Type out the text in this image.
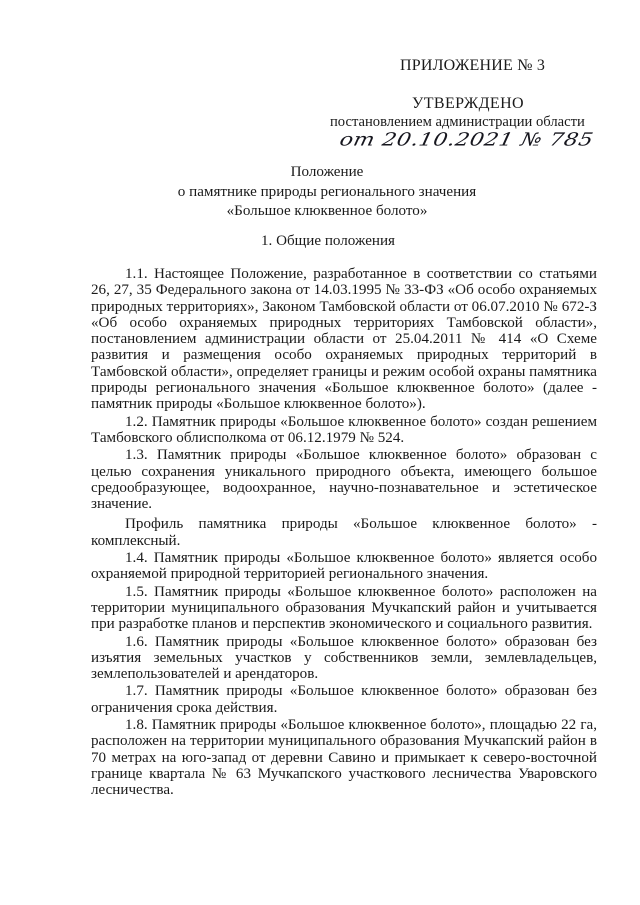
ПРИЛОЖЕНИЕ № 3
УТВЕРЖДЕНО
постановлением администрации области
от 20.10.2021 № 785
Положение
о памятнике природы регионального значения
«Большое клюквенное болото»
1. Общие положения

1.1. Настоящее Положение, разработанное в соответствии со статьями 26, 27, 35 Федерального закона от 14.03.1995 № 33-ФЗ «Об особо охраняемых природных территориях», Законом Тамбовской области от 06.07.2010 № 672-З «Об особо охраняемых природных территориях Тамбовской области», постановлением администрации области от 25.04.2011 № 414 «О Схеме развития и размещения особо охраняемых природных территорий в Тамбовской области», определяет границы и режим особой охраны памятника природы регионального значения «Большое клюквенное болото» (далее - памятник природы «Большое клюквенное болото»).

1.2. Памятник природы «Большое клюквенное болото» создан решением Тамбовского облисполкома от 06.12.1979 № 524.

1.3. Памятник природы «Большое клюквенное болото» образован с целью сохранения уникального природного объекта, имеющего большое средообразующее, водоохранное, научно-познавательное и эстетическое значение.

Профиль памятника природы «Большое клюквенное болото» - комплексный.

1.4. Памятник природы «Большое клюквенное болото» является особо охраняемой природной территорией регионального значения.

1.5. Памятник природы «Большое клюквенное болото» расположен на территории муниципального образования Мучкапский район и учитывается при разработке планов и перспектив экономического и социального развития.

1.6. Памятник природы «Большое клюквенное болото» образован без изъятия земельных участков у собственников земли, землевладельцев, землепользователей и арендаторов.

1.7. Памятник природы «Большое клюквенное болото» образован без ограничения срока действия.

1.8. Памятник природы «Большое клюквенное болото», площадью 22 га, расположен на территории муниципального образования Мучкапский район в 70 метрах на юго-запад от деревни Савино и примыкает к северо-восточной границе квартала № 63 Мучкапского участкового лесничества Уваровского лесничества.
